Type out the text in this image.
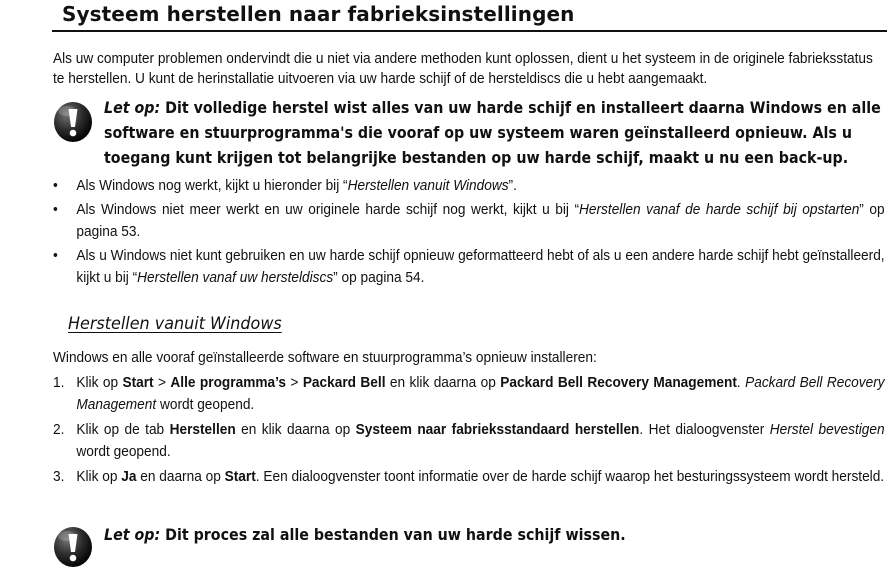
Systeem herstellen naar fabrieksinstellingen
Als uw computer problemen ondervindt die u niet via andere methoden kunt oplossen, dient u het systeem in de originele fabrieksstatus te herstellen. U kunt de herinstallatie uitvoeren via uw harde schijf of de hersteldiscs die u hebt aangemaakt.
Let op: Dit volledige herstel wist alles van uw harde schijf en installeert daarna Windows en alle software en stuurprogramma's die vooraf op uw systeem waren geïnstalleerd opnieuw. Als u toegang kunt krijgen tot belangrijke bestanden op uw harde schijf, maakt u nu een back-up.
• Als Windows nog werkt, kijkt u hieronder bij “Herstellen vanuit Windows”.
• Als Windows niet meer werkt en uw originele harde schijf nog werkt, kijkt u bij “Herstellen vanaf de harde schijf bij opstarten” op pagina 53.
• Als u Windows niet kunt gebruiken en uw harde schijf opnieuw geformatteerd hebt of als u een andere harde schijf hebt geïnstalleerd, kijkt u bij “Herstellen vanaf uw hersteldiscs” op pagina 54.
Herstellen vanuit Windows
Windows en alle vooraf geïnstalleerde software en stuurprogramma’s opnieuw installeren:
1. Klik op Start > Alle programma’s > Packard Bell en klik daarna op Packard Bell Recovery Management. Packard Bell Recovery Management wordt geopend.
2. Klik op de tab Herstellen en klik daarna op Systeem naar fabrieksstandaard herstellen. Het dialoogvenster Herstel bevestigen wordt geopend.
3. Klik op Ja en daarna op Start. Een dialoogvenster toont informatie over de harde schijf waarop het besturingssysteem wordt hersteld.
Let op: Dit proces zal alle bestanden van uw harde schijf wissen.
